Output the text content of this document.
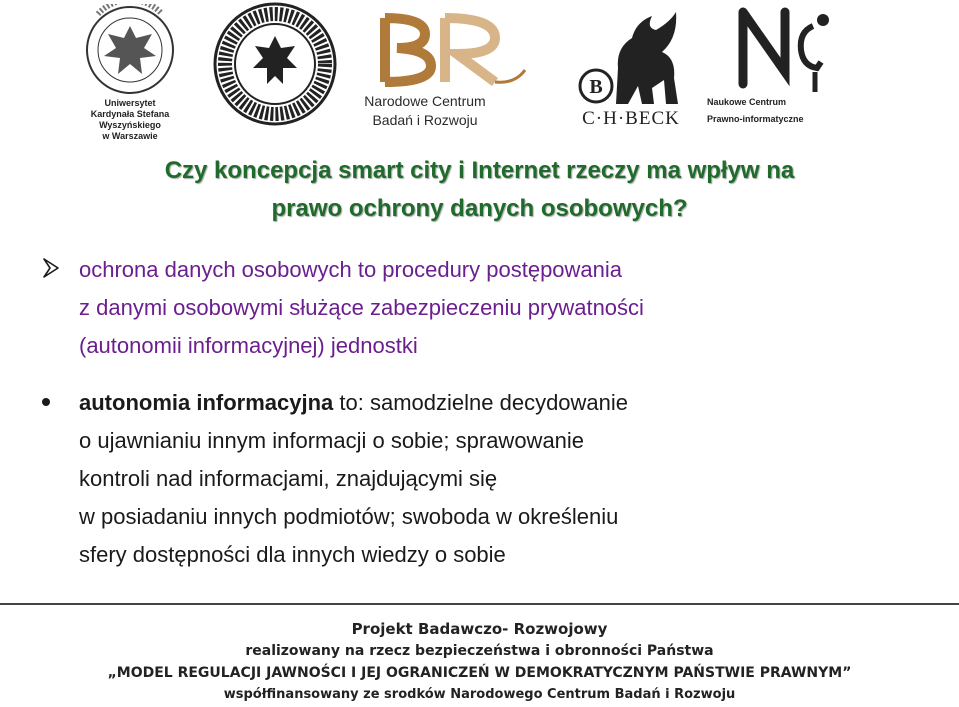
Uniwersytet
Kardynała Stefana Wyszyńskiego
w Warszawie
Narodowe Centrum
Badań i Rozwoju
B
C·H·BECK
Naukowe Centrum
Prawno-informatyczne
Czy koncepcja smart city i Internet rzeczy ma wpływ na
prawo ochrony danych osobowych?
ochrona danych osobowych to procedury postępowania
z danymi osobowymi służące zabezpieczeniu prywatności
(autonomii informacyjnej) jednostki
autonomia informacyjna to: samodzielne decydowanie
o ujawnianiu innym informacji o sobie; sprawowanie
kontroli nad informacjami, znajdującymi się
w posiadaniu innych podmiotów; swoboda w określeniu
sfery dostępności dla innych wiedzy o sobie
Projekt Badawczo- Rozwojowy
realizowany na rzecz bezpieczeństwa i obronności Państwa
„MODEL REGULACJI JAWNOŚCI I JEJ OGRANICZEŃ W DEMOKRATYCZNYM PAŃSTWIE PRAWNYM”
współfinansowany ze srodków Narodowego Centrum Badań i Rozwoju
